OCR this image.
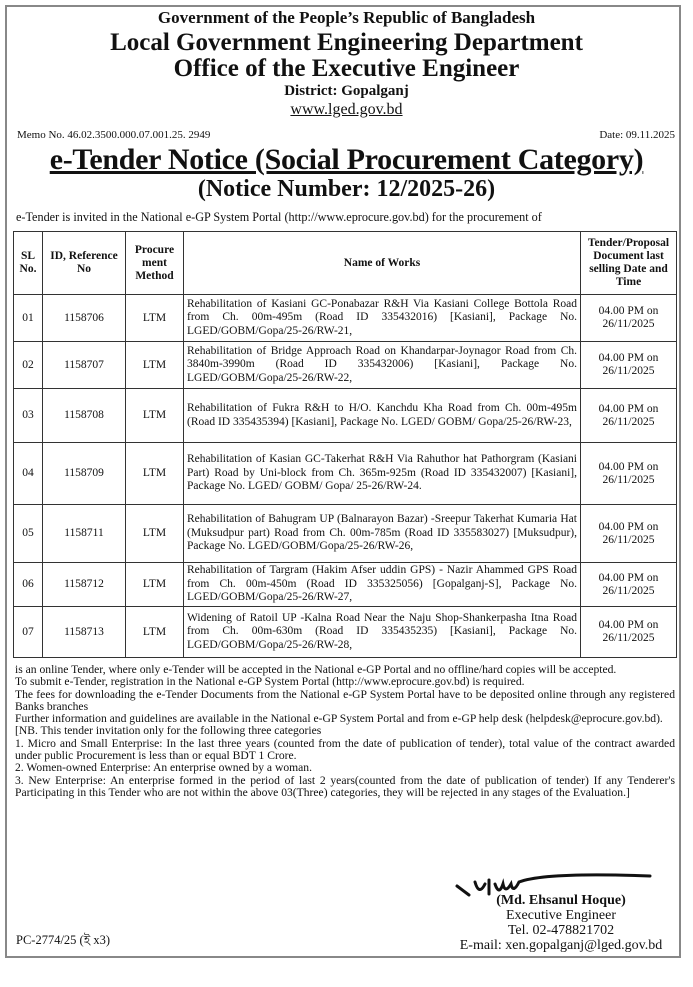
Government of the People’s Republic of Bangladesh
Local Government Engineering Department
Office of the Executive Engineer
District: Gopalganj
www.lged.gov.bd
Memo No. 46.02.3500.000.07.001.25. 2949	Date: 09.11.2025
e-Tender Notice (Social Procurement Category)
(Notice Number: 12/2025-26)
e-Tender is invited in the National e-GP System Portal (http://www.eprocure.gov.bd) for the procurement of
SL No.	ID, Reference No	Procure ment Method	Name of Works	Tender/Proposal Document last selling Date and Time
01	1158706	LTM	Rehabilitation of Kasiani GC-Ponabazar R&H Via Kasiani College Bottola Road from Ch. 00m-495m (Road ID 335432016) [Kasiani], Package No. LGED/GOBM/Gopa/25-26/RW-21,	04.00 PM on 26/11/2025
02	1158707	LTM	Rehabilitation of Bridge Approach Road on Khandarpar-Joynagor Road from Ch. 3840m-3990m (Road ID 335432006) [Kasiani], Package No. LGED/GOBM/Gopa/25-26/RW-22,	04.00 PM on 26/11/2025
03	1158708	LTM	Rehabilitation of Fukra R&H to H/O. Kanchdu Kha Road from Ch. 00m-495m (Road ID 335435394) [Kasiani], Package No. LGED/ GOBM/ Gopa/25-26/RW-23,	04.00 PM on 26/11/2025
04	1158709	LTM	Rehabilitation of Kasian GC-Takerhat R&H Via Rahuthor hat Pathorgram (Kasiani Part) Road by Uni-block from Ch. 365m-925m (Road ID 335432007) [Kasiani], Package No. LGED/ GOBM/ Gopa/ 25-26/RW-24.	04.00 PM on 26/11/2025
05	1158711	LTM	Rehabilitation of Bahugram UP (Balnarayon Bazar) -Sreepur Takerhat Kumaria Hat (Muksudpur part) Road from Ch. 00m-785m (Road ID 335583027) [Muksudpur), Package No. LGED/GOBM/Gopa/25-26/RW-26,	04.00 PM on 26/11/2025
06	1158712	LTM	Rehabilitation of Targram (Hakim Afser uddin GPS) - Nazir Ahammed GPS Road from Ch. 00m-450m (Road ID 335325056) [Gopalganj-S], Package No. LGED/GOBM/Gopa/25-26/RW-27,	04.00 PM on 26/11/2025
07	1158713	LTM	Widening of Ratoil UP -Kalna Road Near the Naju Shop-Shankerpasha Itna Road from Ch. 00m-630m (Road ID 335435235) [Kasiani], Package No. LGED/GOBM/Gopa/25-26/RW-28,	04.00 PM on 26/11/2025

is an online Tender, where only e-Tender will be accepted in the National e-GP Portal and no offline/hard copies will be accepted.

To submit e-Tender, registration in the National e-GP System Portal (http://www.eprocure.gov.bd) is required.

The fees for downloading the e-Tender Documents from the National e-GP System Portal have to be deposited online through any registered Banks branches

Further information and guidelines are available in the National e-GP System Portal and from e-GP help desk (helpdesk@eprocure.gov.bd).

[NB. This tender invitation only for the following three categories

1. Micro and Small Enterprise: In the last three years (counted from the date of publication of tender), total value of the contract awarded under public Procurement is less than or equal BDT 1 Crore.

2. Women-owned Enterprise: An enterprise owned by a woman.

3. New Enterprise: An enterprise formed in the period of last 2 years(counted from the date of publication of tender) If any Tenderer's Participating in this Tender who are not within the above 03(Three) categories, they will be rejected in any stages of the Evaluation.]

(Md. Ehsanul Hoque)
Executive Engineer
Tel. 02-478821702
E-mail: xen.gopalganj@lged.gov.bd
PC-2774/25 (ই x3)
